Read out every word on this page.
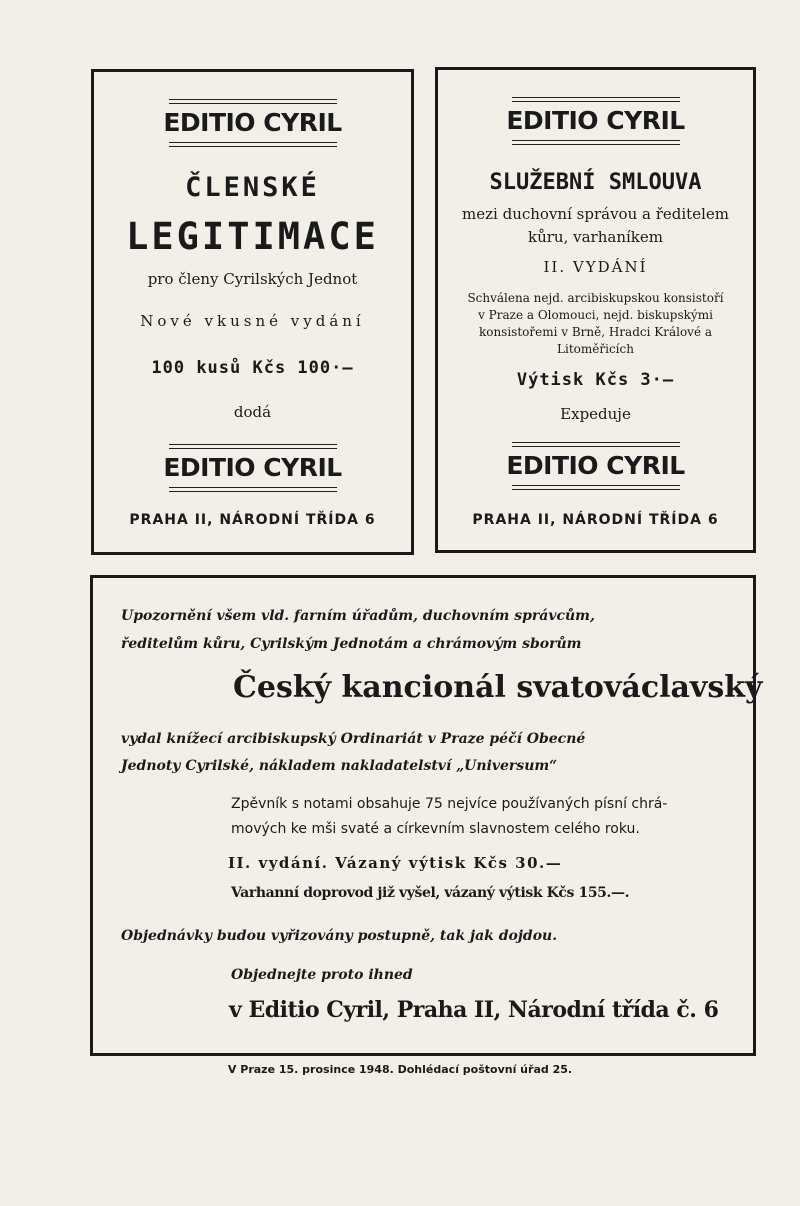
EDITIO CYRIL
ČLENSKÉ
LEGITIMACE
pro členy Cyrilských Jednot
Nové vkusné vydání
100 kusů Kčs 100·–
dodá
EDITIO CYRIL
PRAHA II, NÁRODNÍ TŘÍDA 6
EDITIO CYRIL
SLUŽEBNÍ SMLOUVA
mezi duchovní správou a ředitelem
kůru, varhaníkem
II. VYDÁNÍ
Schválena nejd. arcibiskupskou konsistoří
v Praze a Olomouci, nejd. biskupskými
konsistořemi v Brně, Hradci Králové a
Litoměřicích
Výtisk Kčs 3·–
Expeduje
EDITIO CYRIL
PRAHA II, NÁRODNÍ TŘÍDA 6
Upozornění všem vld. farním úřadům, duchovním správcům,
ředitelům kůru, Cyrilským Jednotám a chrámovým sborům
Český kancionál svatováclavský
vydal knížecí arcibiskupský Ordinariát v Praze péčí Obecné
Jednoty Cyrilské, nákladem nakladatelství „Universum“
Zpěvník s notami obsahuje 75 nejvíce používaných písní chrá-
mových ke mši svaté a církevním slavnostem celého roku.
II. vydání. Vázaný výtisk Kčs 30.—
Varhanní doprovod již vyšel, vázaný výtisk Kčs 155.—.
Objednávky budou vyřizovány postupně, tak jak dojdou.
Objednejte proto ihned
v Editio Cyril, Praha II, Národní třída č. 6
V Praze 15. prosince 1948. Dohlédací poštovní úřad 25.
